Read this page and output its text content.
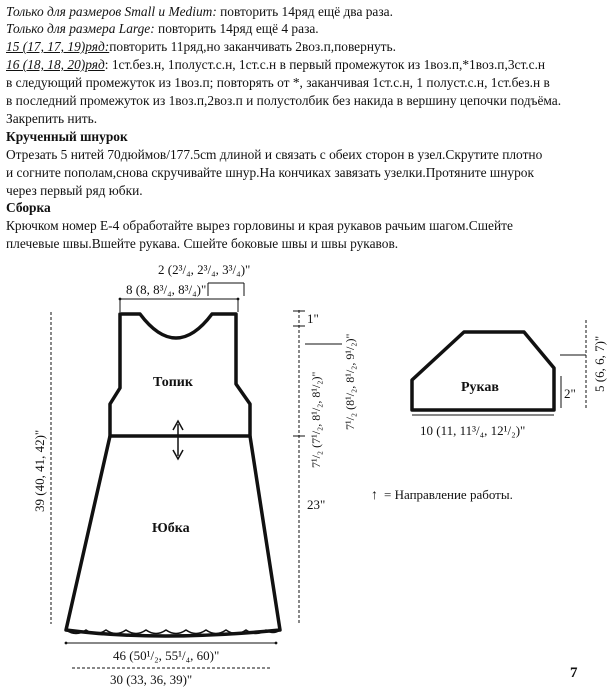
Только для размеров Small и Medium: повторить 14ряд ещё два раза.
Только для размера Large: повторить 14ряд ещё 4 раза.
15 (17, 17, 19)ряд:повторить 11ряд,но заканчивать 2воз.п,повернуть.
16 (18, 18, 20)ряд: 1ст.без.н, 1полуст.с.н, 1ст.с.н в первый промежуток из 1воз.п,*1воз.п,3ст.с.н
в следующий промежуток из 1воз.п; повторять от *, заканчивая 1ст.с.н, 1 полуст.с.н, 1ст.без.н в
в последний промежуток из 1воз.п,2воз.п и полустолбик без накида в вершину цепочки подъёма.
Закрепить нить.
Крученный шнурок
Отрезать 5 нитей 70дюймов/177.5cm длиной и связать с обеих сторон в узел.Скрутите плотно
и согните пополам,снова скручивайте шнур.На кончиках завязать узелки.Протяните шнурок
через первый ряд юбки.
Сборка
Крючком номер E-4 обработайте вырез горловины и края рукавов рачьим шагом.Сшейте
плечевые швы.Вшейте рукава. Сшейте боковые швы и швы рукавов.
2 (2³/₄, 2³/₄, 3³/₄)"
8 (8, 8³/₄, 8³/₄)"
Топик
Юбка
39 (40, 41, 42)"
1"
7¹/₂ (8¹/₂, 8¹/₂, 9¹/₂)"
7¹/₂ (7¹/₂, 8¹/₂, 8¹/₂)"
23"
46 (50¹/₂, 55¹/₄, 60)"
30 (33, 36, 39)"
Рукав	2"
5 (6, 6, 7)"
10 (11, 11³/₄, 12¹/₂)"
↑ = Направление работы.
7
